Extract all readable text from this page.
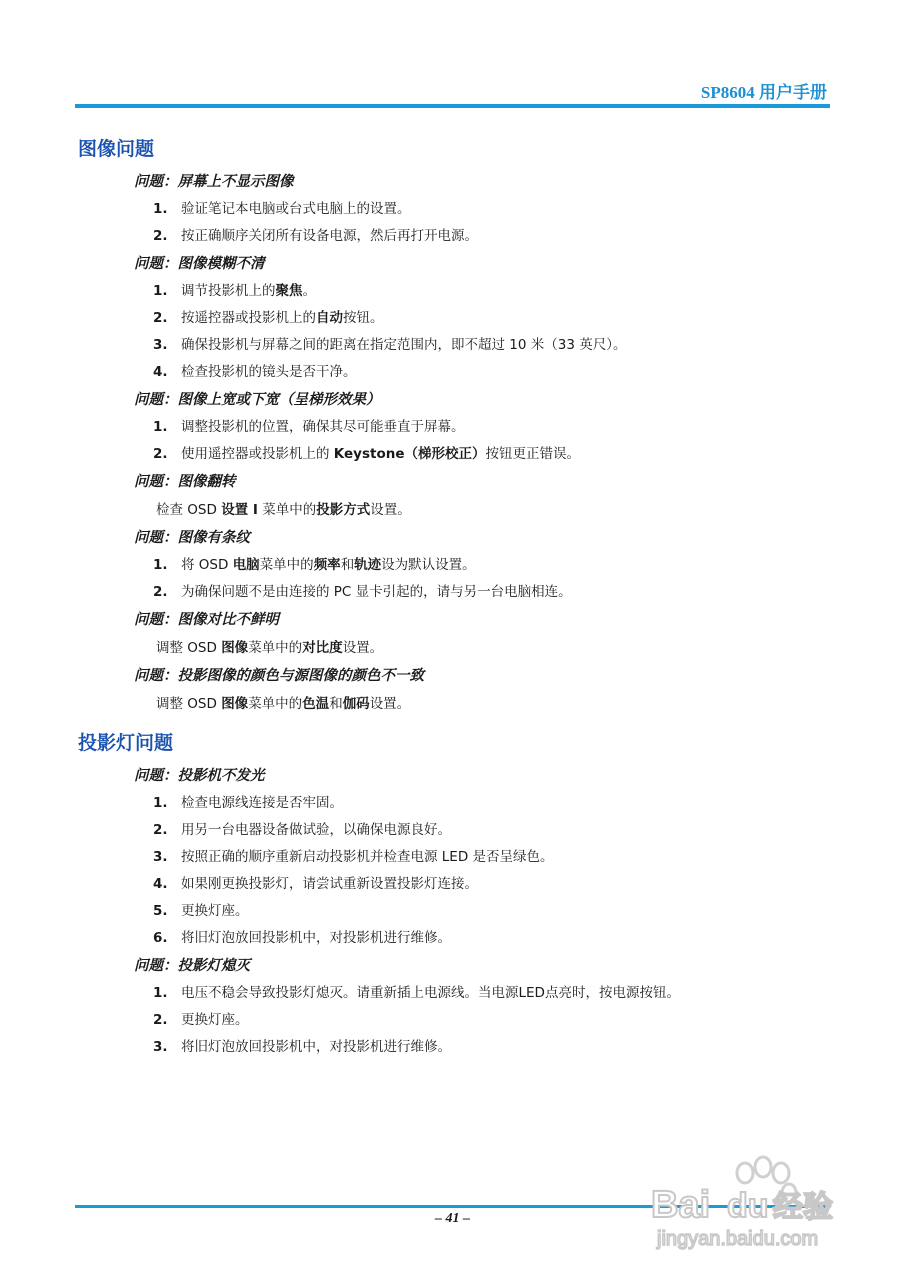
SP8604 用户手册
图像问题
问题：屏幕上不显示图像
1. 验证笔记本电脑或台式电脑上的设置。
2. 按正确顺序关闭所有设备电源，然后再打开电源。
问题：图像模糊不清
1. 调节投影机上的聚焦。
2. 按遥控器或投影机上的自动按钮。
3. 确保投影机与屏幕之间的距离在指定范围内，即不超过 10 米（33 英尺）。
4. 检查投影机的镜头是否干净。
问题：图像上宽或下宽（呈梯形效果）
1. 调整投影机的位置，确保其尽可能垂直于屏幕。
2. 使用遥控器或投影机上的 Keystone（梯形校正）按钮更正错误。
问题：图像翻转
检查 OSD 设置 I 菜单中的投影方式设置。
问题：图像有条纹
1. 将 OSD 电脑菜单中的频率和轨迹设为默认设置。
2. 为确保问题不是由连接的 PC 显卡引起的，请与另一台电脑相连。
问题：图像对比不鲜明
调整 OSD 图像菜单中的对比度设置。
问题：投影图像的颜色与源图像的颜色不一致
调整 OSD 图像菜单中的色温和伽码设置。
投影灯问题
问题：投影机不发光
1. 检查电源线连接是否牢固。
2. 用另一台电器设备做试验，以确保电源良好。
3. 按照正确的顺序重新启动投影机并检查电源 LED 是否呈绿色。
4. 如果刚更换投影灯，请尝试重新设置投影灯连接。
5. 更换灯座。
6. 将旧灯泡放回投影机中，对投影机进行维修。
问题：投影灯熄灭
1. 电压不稳会导致投影灯熄灭。请重新插上电源线。当电源LED点亮时，按电源按钮。
2. 更换灯座。
3. 将旧灯泡放回投影机中，对投影机进行维修。
– 41 –	Bai du 经验
jingyan.baidu.com
